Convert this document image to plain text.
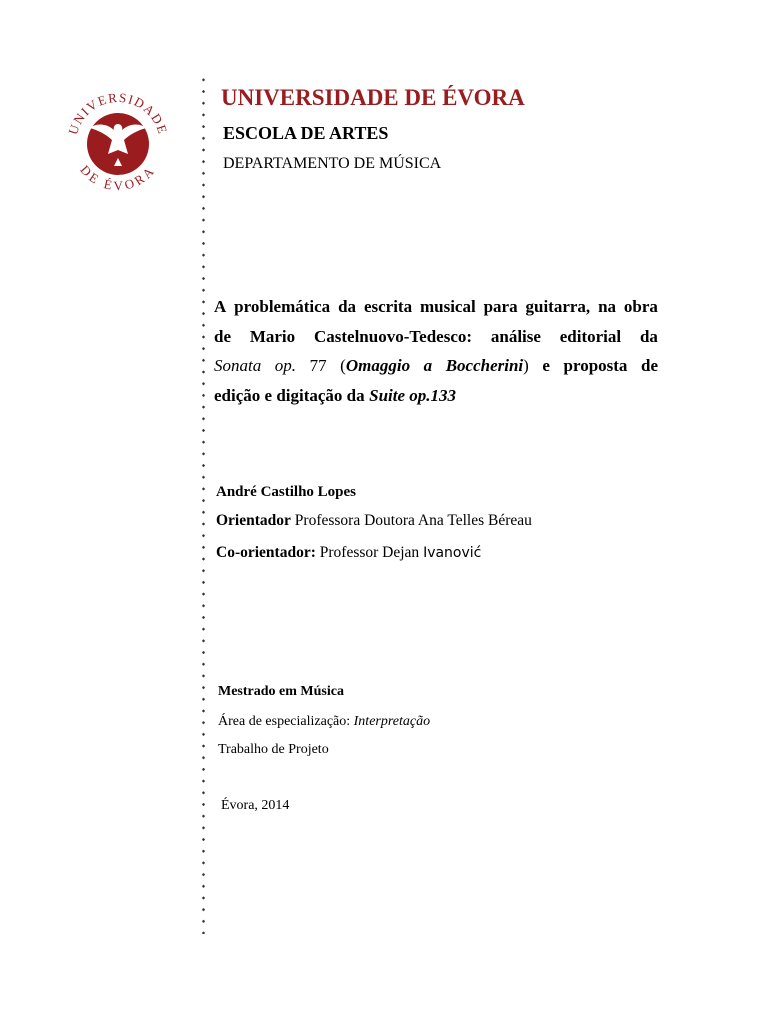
UNIVERSIDADE
DE ÉVORA
UNIVERSIDADE DE ÉVORA
ESCOLA DE ARTES
DEPARTAMENTO DE MÚSICA
A problemática da escrita musical para guitarra, na obra
de Mario Castelnuovo-Tedesco: análise editorial da
Sonata op. 77 (Omaggio a Boccherini) e proposta de
edição e digitação da Suite op.133
André Castilho Lopes
Orientador Professora Doutora Ana Telles Béreau
Co-orientador: Professor Dejan Ivanović
Mestrado em Música
Área de especialização: Interpretação
Trabalho de Projeto
Évora, 2014
